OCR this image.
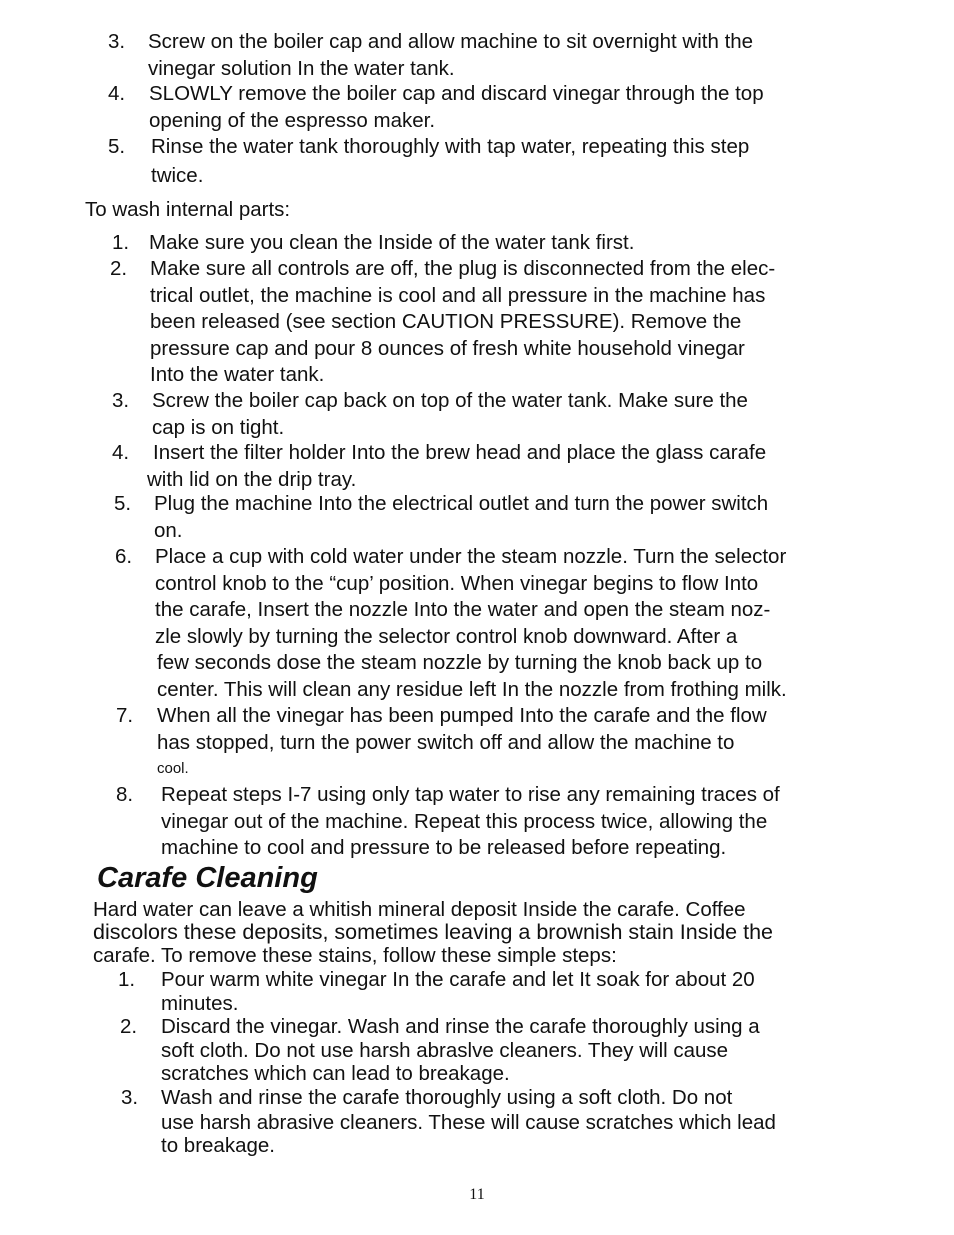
3. Screw on the boiler cap and allow machine to sit overnight with the
vinegar solution In the water tank.
4. SLOWLY remove the boiler cap and discard vinegar through the top
opening of the espresso maker.
5. Rinse the water tank thoroughly with tap water, repeating this step
twice.
To wash internal parts:
1. Make sure you clean the Inside of the water tank first.
2. Make sure all controls are off, the plug is disconnected from the elec-
trical outlet, the machine is cool and all pressure in the machine has
been released (see section CAUTION PRESSURE). Remove the
pressure cap and pour 8 ounces of fresh white household vinegar
Into the water tank.
3. Screw the boiler cap back on top of the water tank. Make sure the
cap is on tight.
4. Insert the filter holder Into the brew head and place the glass carafe
with lid on the drip tray.
5. Plug the machine Into the electrical outlet and turn the power switch
on.
6. Place a cup with cold water under the steam nozzle. Turn the selector
control knob to the “cup’ position. When vinegar begins to flow Into
the carafe, Insert the nozzle Into the water and open the steam noz-
zle slowly by turning the selector control knob downward. After a
few seconds dose the steam nozzle by turning the knob back up to
center. This will clean any residue left In the nozzle from frothing milk.
7. When all the vinegar has been pumped Into the carafe and the flow
has stopped, turn the power switch off and allow the machine to
cool.
8. Repeat steps I-7 using only tap water to rise any remaining traces of
vinegar out of the machine. Repeat this process twice, allowing the
machine to cool and pressure to be released before repeating.
Carafe Cleaning
Hard water can leave a whitish mineral deposit Inside the carafe. Coffee
discolors these deposits, sometimes leaving a brownish stain Inside the
carafe. To remove these stains, follow these simple steps:
1. Pour warm white vinegar In the carafe and let It soak for about 20
minutes.
2. Discard the vinegar. Wash and rinse the carafe thoroughly using a
soft cloth. Do not use harsh abraslve cleaners. They will cause
scratches which can lead to breakage.
3. Wash and rinse the carafe thoroughly using a soft cloth. Do not
use harsh abrasive cleaners. These will cause scratches which lead
to breakage.
11
